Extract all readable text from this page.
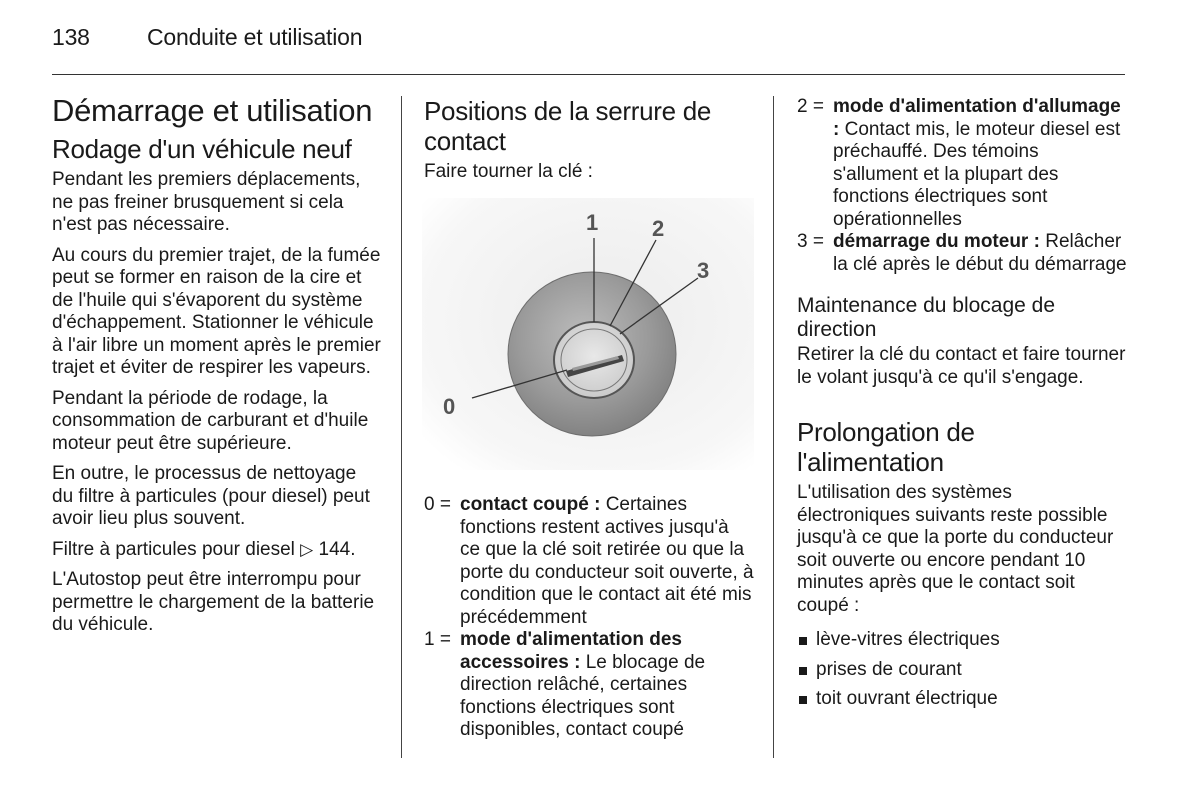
138 Conduite et utilisation
Démarrage et utilisation
Rodage d'un véhicule neuf

Pendant les premiers déplacements, ne pas freiner brusquement si cela n'est pas nécessaire.

Au cours du premier trajet, de la fumée peut se former en raison de la cire et de l'huile qui s'évaporent du système d'échappement. Stationner le véhicule à l'air libre un moment après le premier trajet et éviter de respirer les vapeurs.

Pendant la période de rodage, la consommation de carburant et d'huile moteur peut être supérieure.

En outre, le processus de nettoyage du filtre à particules (pour diesel) peut avoir lieu plus souvent.

Filtre à particules pour diesel ▷ 144.

L'Autostop peut être interrompu pour permettre le chargement de la batterie du véhicule.

Positions de la serrure de contact

Faire tourner la clé :

0
1 2
3
0 = contact coupé : Certaines fonctions restent actives jusqu'à ce que la clé soit retirée ou que la porte du conducteur soit ouverte, à condition que le contact ait été mis précédemment
1 = mode d'alimentation des accessoires : Le blocage de direction relâché, certaines fonctions électriques sont disponibles, contact coupé
2 = mode d'alimentation d'allumage : Contact mis, le moteur diesel est préchauffé. Des témoins s'allument et la plupart des fonctions électriques sont opérationnelles
3 = démarrage du moteur : Relâcher la clé après le début du démarrage
Maintenance du blocage de direction

Retirer la clé du contact et faire tourner le volant jusqu'à ce qu'il s'engage.

Prolongation de l'alimentation

L'utilisation des systèmes électroniques suivants reste possible jusqu'à ce que la porte du conducteur soit ouverte ou encore pendant 10 minutes après que le contact soit coupé :

lève-vitres électriques
prises de courant
toit ouvrant électrique
